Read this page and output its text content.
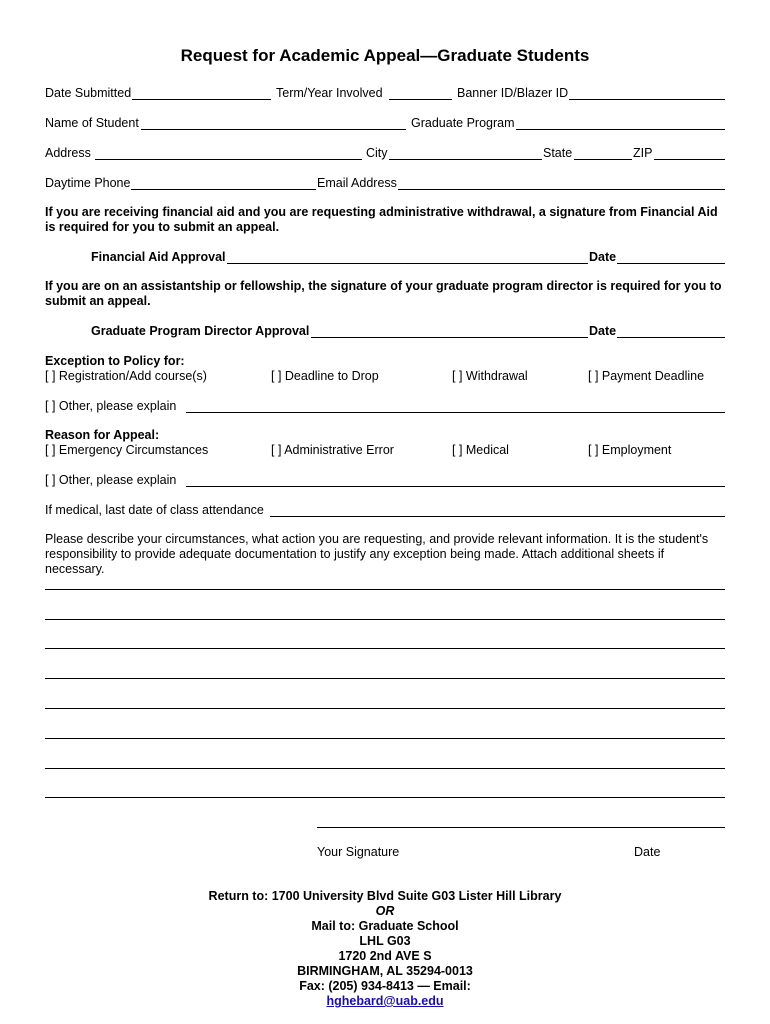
Request for Academic Appeal—Graduate Students
Date Submitted	Term/Year Involved	Banner ID/Blazer ID
Name of Student	Graduate Program
Address	City	State	ZIP
Daytime Phone	Email Address
If you are receiving financial aid and you are requesting administrative withdrawal, a signature from Financial Aid is required for you to submit an appeal.
Financial Aid Approval	Date
If you are on an assistantship or fellowship, the signature of your graduate program director is required for you to submit an appeal.
Graduate Program Director Approval	Date
Exception to Policy for:
[ ] Registration/Add course(s)	[ ] Deadline to Drop	[ ] Withdrawal	[ ] Payment Deadline
[ ] Other, please explain
Reason for Appeal:
[ ] Emergency Circumstances	[ ] Administrative Error	[ ] Medical	[ ] Employment
[ ] Other, please explain
If medical, last date of class attendance
Please describe your circumstances, what action you are requesting, and provide relevant information. It is the student's responsibility to provide adequate documentation to justify any exception being made. Attach additional sheets if necessary.
Your Signature	Date
Return to: 1700 University Blvd Suite G03 Lister Hill Library
OR
Mail to: Graduate School
LHL G03
1720 2nd AVE S
BIRMINGHAM, AL 35294-0013
Fax: (205) 934-8413 — Email:
hghebard@uab.edu
